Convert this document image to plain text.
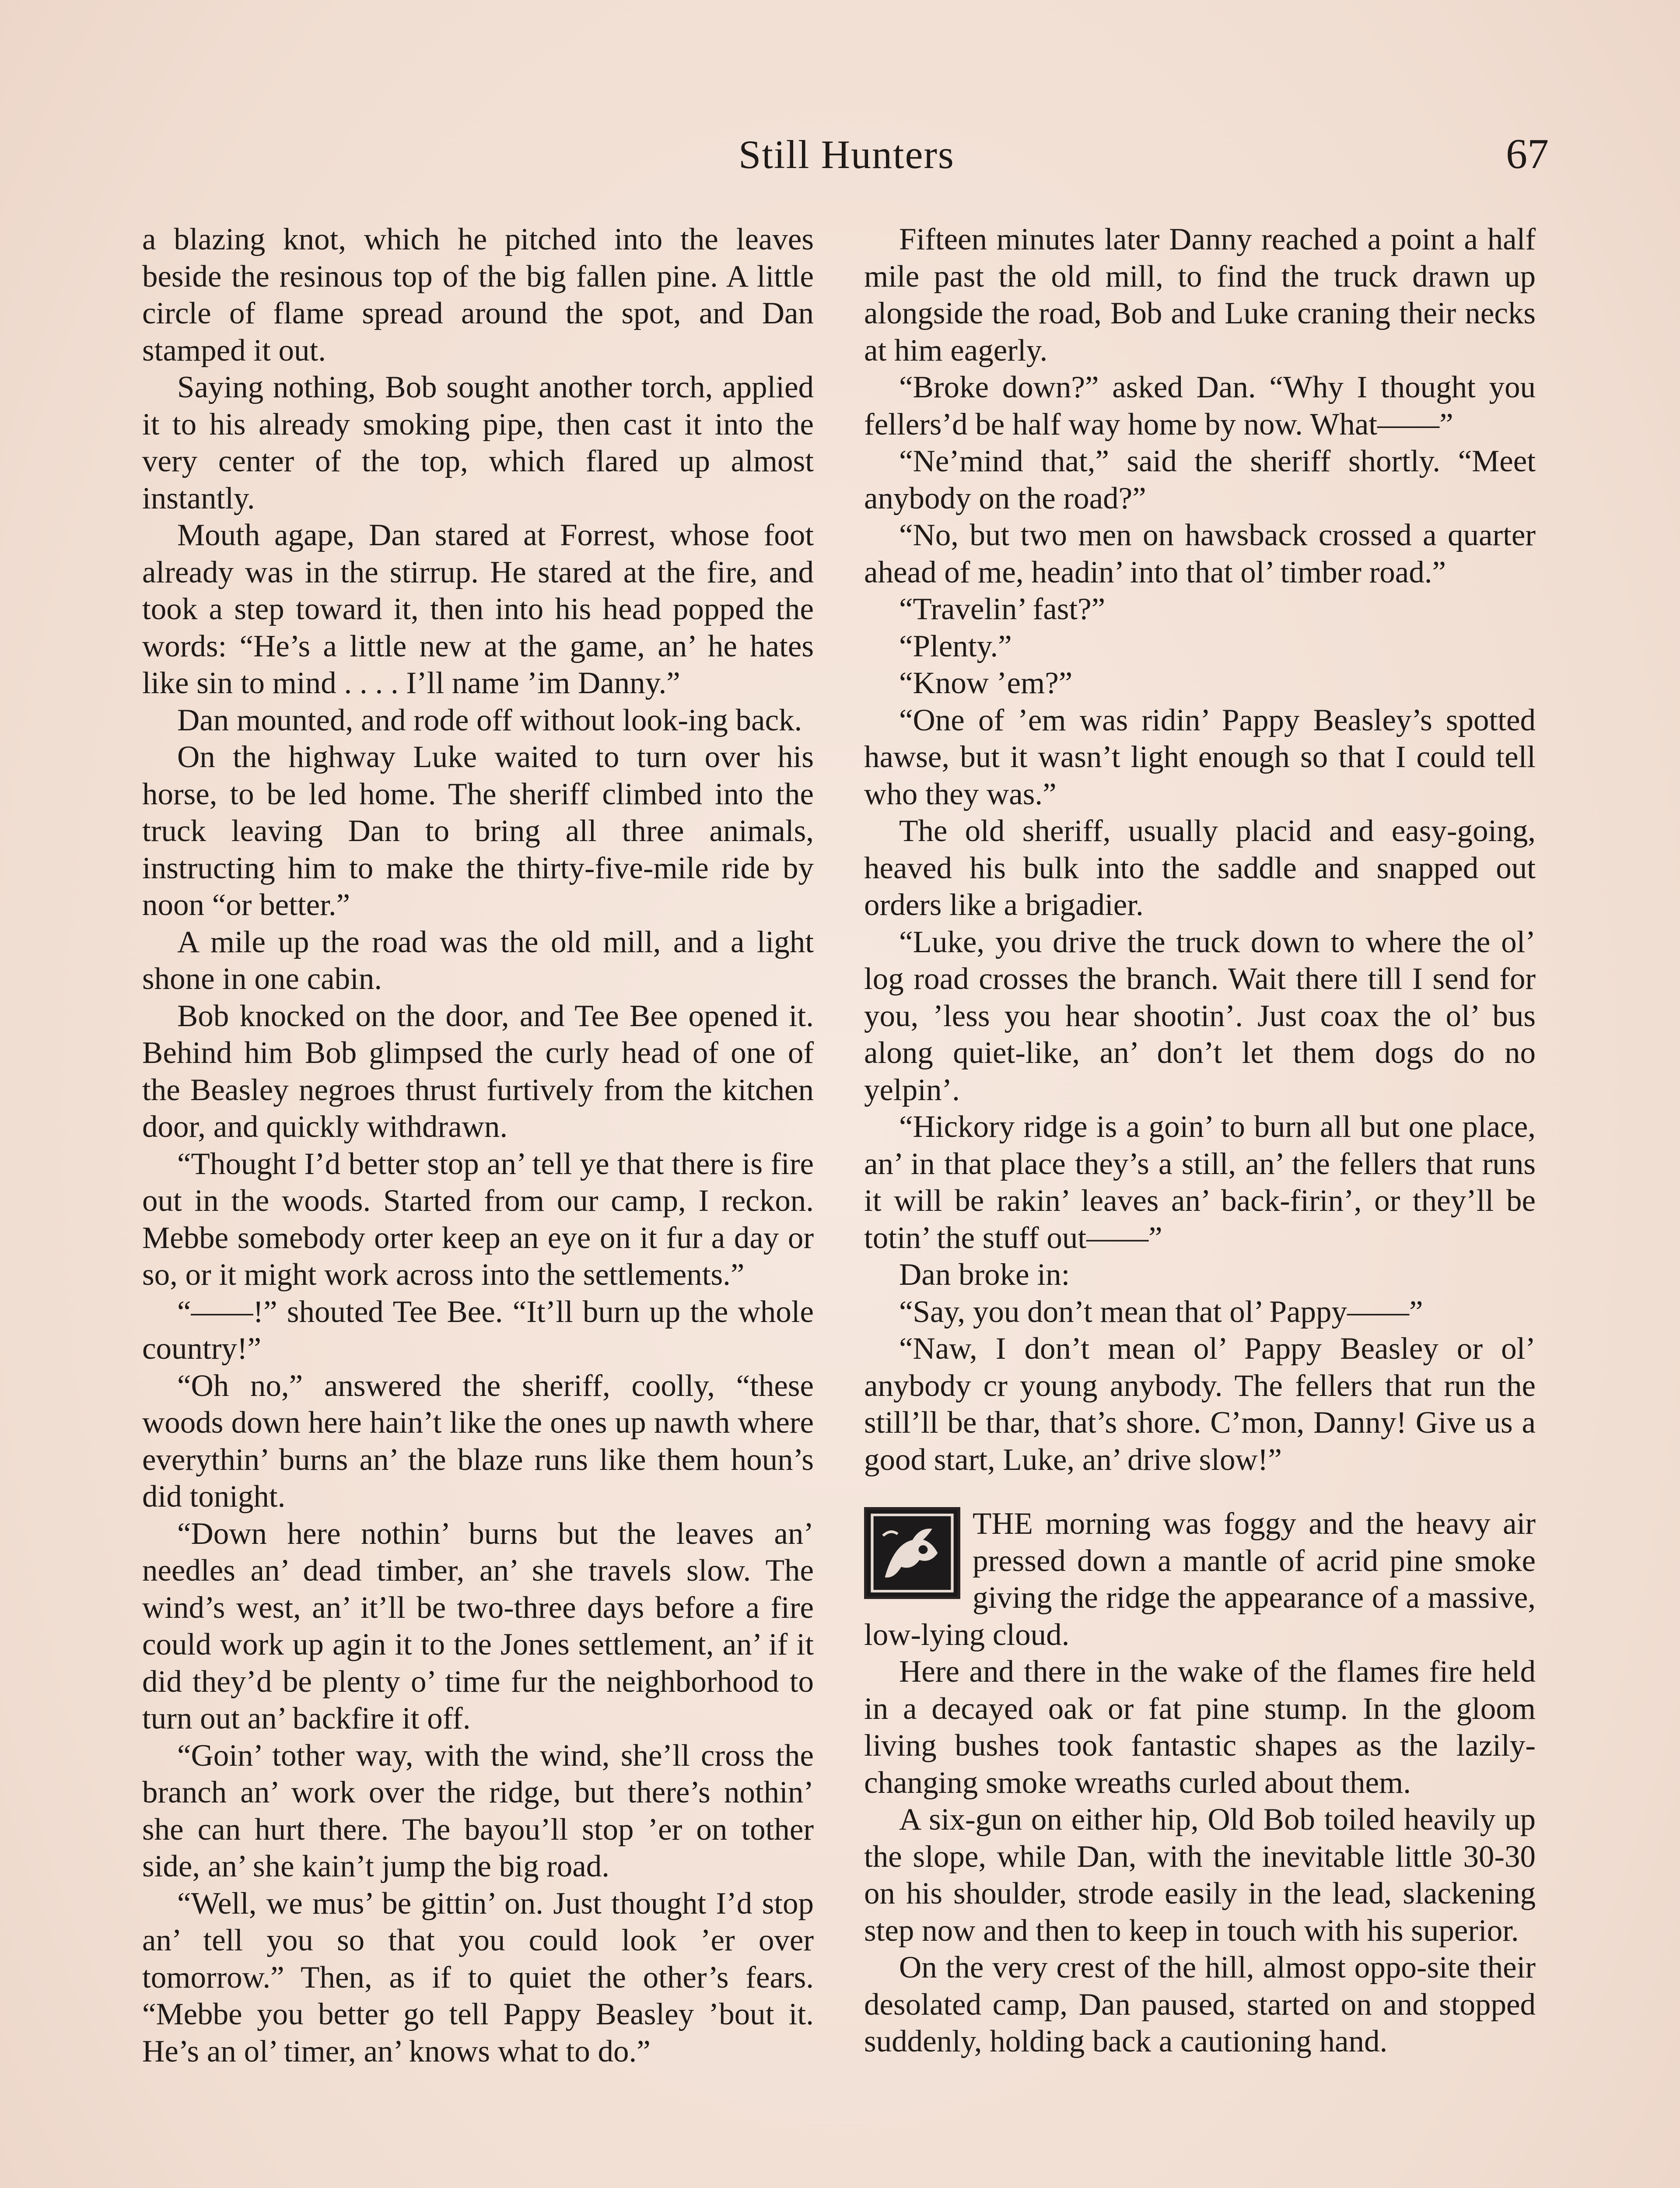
Still Hunters	67

a blazing knot, which he pitched into the leaves beside the resinous top of the big fallen pine. A little circle of flame spread around the spot, and Dan stamped it out.

Saying nothing, Bob sought another torch, applied it to his already smoking pipe, then cast it into the very center of the top, which flared up almost instantly.

Mouth agape, Dan stared at Forrest, whose foot already was in the stirrup. He stared at the fire, and took a step toward it, then into his head popped the words: “He’s a little new at the game, an’ he hates like sin to mind . . . . I’ll name ’im Danny.”

Dan mounted, and rode off without look-ing back.

On the highway Luke waited to turn over his horse, to be led home. The sheriff climbed into the truck leaving Dan to bring all three animals, instructing him to make the thirty-five-mile ride by noon “or better.”

A mile up the road was the old mill, and a light shone in one cabin.

Bob knocked on the door, and Tee Bee opened it. Behind him Bob glimpsed the curly head of one of the Beasley negroes thrust furtively from the kitchen door, and quickly withdrawn.

“Thought I’d better stop an’ tell ye that there is fire out in the woods. Started from our camp, I reckon. Mebbe somebody orter keep an eye on it fur a day or so, or it might work across into the settlements.”

“——!” shouted Tee Bee. “It’ll burn up the whole country!”

“Oh no,” answered the sheriff, coolly, “these woods down here hain’t like the ones up nawth where everythin’ burns an’ the blaze runs like them houn’s did tonight.

“Down here nothin’ burns but the leaves an’ needles an’ dead timber, an’ she travels slow. The wind’s west, an’ it’ll be two-three days before a fire could work up agin it to the Jones settlement, an’ if it did they’d be plenty o’ time fur the neighborhood to turn out an’ backfire it off.

“Goin’ tother way, with the wind, she’ll cross the branch an’ work over the ridge, but there’s nothin’ she can hurt there. The bayou’ll stop ’er on tother side, an’ she kain’t jump the big road.

“Well, we mus’ be gittin’ on. Just thought I’d stop an’ tell you so that you could look ’er over tomorrow.” Then, as if to quiet the other’s fears. “Mebbe you better go tell Pappy Beasley ’bout it. He’s an ol’ timer, an’ knows what to do.”

Fifteen minutes later Danny reached a point a half mile past the old mill, to find the truck drawn up alongside the road, Bob and Luke craning their necks at him eagerly.

“Broke down?” asked Dan. “Why I thought you fellers’d be half way home by now. What——”

“Ne’mind that,” said the sheriff shortly. “Meet anybody on the road?”

“No, but two men on hawsback crossed a quarter ahead of me, headin’ into that ol’ timber road.”

“Travelin’ fast?”

“Plenty.”

“Know ’em?”

“One of ’em was ridin’ Pappy Beasley’s spotted hawse, but it wasn’t light enough so that I could tell who they was.”

The old sheriff, usually placid and easy-going, heaved his bulk into the saddle and snapped out orders like a brigadier.

“Luke, you drive the truck down to where the ol’ log road crosses the branch. Wait there till I send for you, ’less you hear shootin’. Just coax the ol’ bus along quiet-like, an’ don’t let them dogs do no yelpin’.

“Hickory ridge is a goin’ to burn all but one place, an’ in that place they’s a still, an’ the fellers that runs it will be rakin’ leaves an’ back-firin’, or they’ll be totin’ the stuff out——”

Dan broke in:

“Say, you don’t mean that ol’ Pappy——”

“Naw, I don’t mean ol’ Pappy Beasley or ol’ anybody cr young anybody. The fellers that run the still’ll be thar, that’s shore. C’mon, Danny! Give us a good start, Luke, an’ drive slow!”

THE morning was foggy and the heavy air pressed down a mantle of acrid pine smoke giving the ridge the appearance of a massive, low-lying cloud.

Here and there in the wake of the flames fire held in a decayed oak or fat pine stump. In the gloom living bushes took fantastic shapes as the lazily-changing smoke wreaths curled about them.

A six-gun on either hip, Old Bob toiled heavily up the slope, while Dan, with the inevitable little 30-30 on his shoulder, strode easily in the lead, slackening step now and then to keep in touch with his superior.

On the very crest of the hill, almost oppo-site their desolated camp, Dan paused, started on and stopped suddenly, holding back a cautioning hand.
